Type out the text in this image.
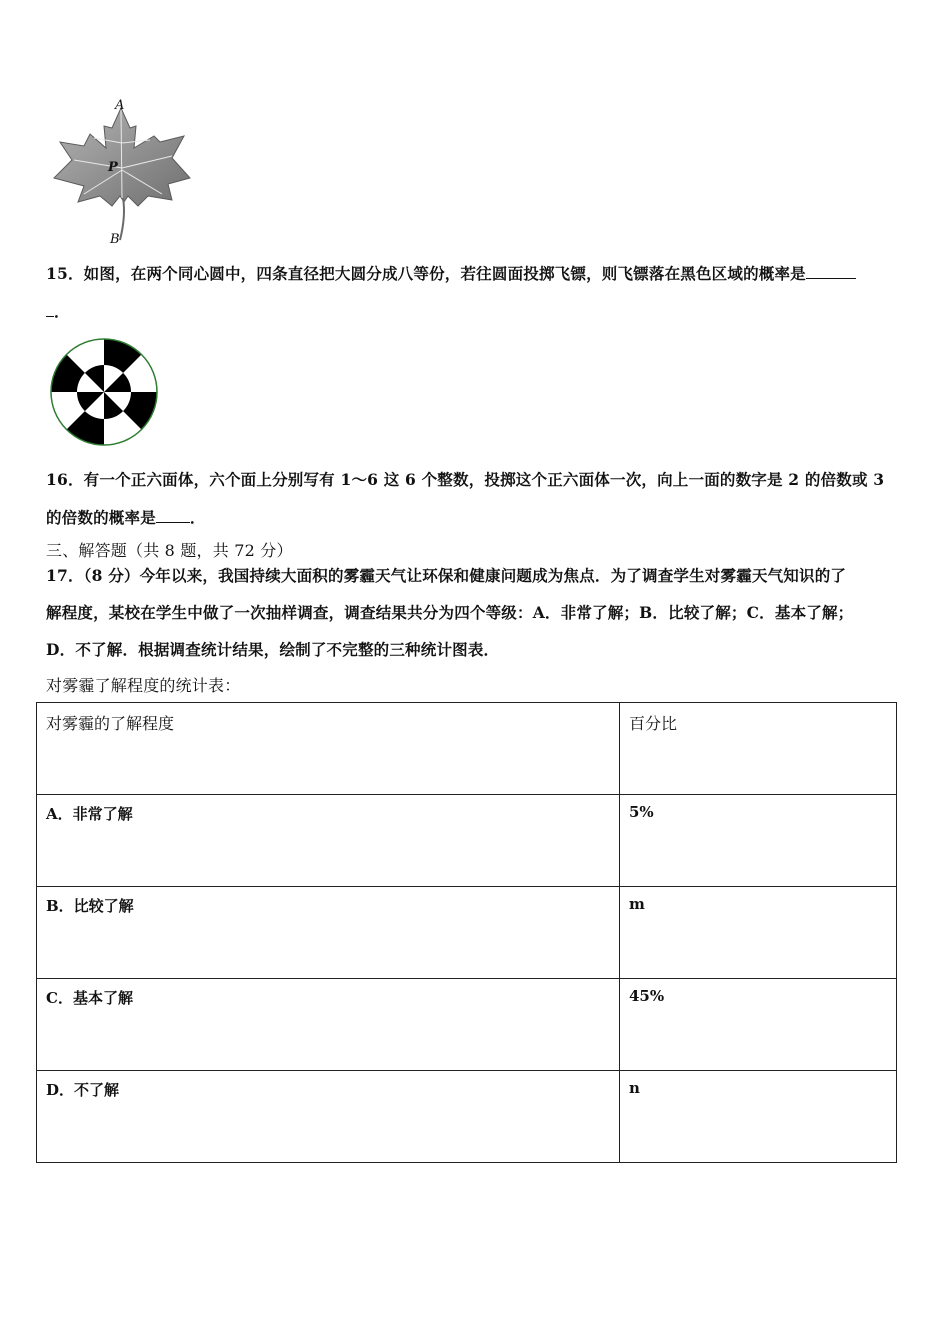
A
P
B
15．如图，在两个同心圆中，四条直径把大圆分成八等份，若往圆面投掷飞镖，则飞镖落在黑色区域的概率是
．
16．有一个正六面体，六个面上分别写有 1～6 这 6 个整数，投掷这个正六面体一次，向上一面的数字是 2 的倍数或 3
的倍数的概率是 ．
三、解答题（共 8 题，共 72 分）
17．（8 分）今年以来，我国持续大面积的雾霾天气让环保和健康问题成为焦点．为了调查学生对雾霾天气知识的了
解程度，某校在学生中做了一次抽样调查，调查结果共分为四个等级：A．非常了解；B．比较了解；C．基本了解；
D．不了解．根据调查统计结果，绘制了不完整的三种统计图表．
对雾霾了解程度的统计表：
对雾霾的了解程度	百分比
A．非常了解	5%
B．比较了解	m
C．基本了解	45%
D．不了解	n
